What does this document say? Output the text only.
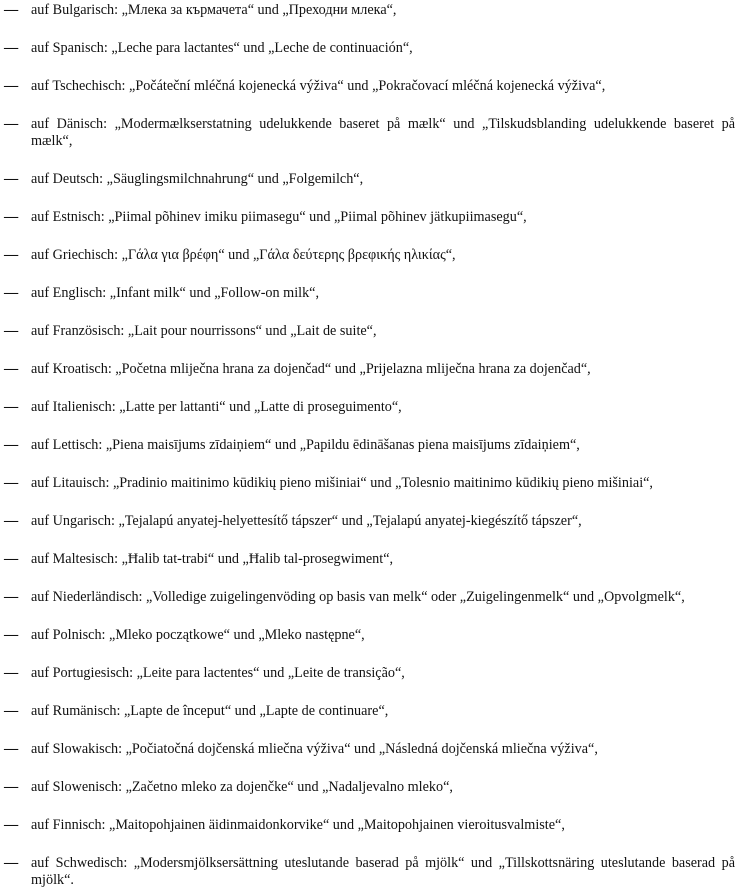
— auf Bulgarisch: „Млека за кърмачета“ und „Преходни млека“,
— auf Spanisch: „Leche para lactantes“ und „Leche de continuación“,
— auf Tschechisch: „Počáteční mléčná kojenecká výživa“ und „Pokračovací mléčná kojenecká výživa“,
— auf Dänisch: „Modermælkserstatning udelukkende baseret på mælk“ und „Tilskudsblanding udelukkende baseret på mælk“,
— auf Deutsch: „Säuglingsmilchnahrung“ und „Folgemilch“,
— auf Estnisch: „Piimal põhinev imiku piimasegu“ und „Piimal põhinev jätkupiimasegu“,
— auf Griechisch: „Γάλα για βρέφη“ und „Γάλα δεύτερης βρεφικής ηλικίας“,
— auf Englisch: „Infant milk“ und „Follow-on milk“,
— auf Französisch: „Lait pour nourrissons“ und „Lait de suite“,
— auf Kroatisch: „Početna mliječna hrana za dojenčad“ und „Prijelazna mliječna hrana za dojenčad“,
— auf Italienisch: „Latte per lattanti“ und „Latte di proseguimento“,
— auf Lettisch: „Piena maisījums zīdaiņiem“ und „Papildu ēdināšanas piena maisījums zīdaiņiem“,
— auf Litauisch: „Pradinio maitinimo kūdikių pieno mišiniai“ und „Tolesnio maitinimo kūdikių pieno mišiniai“,
— auf Ungarisch: „Tejalapú anyatej-helyettesítő tápszer“ und „Tejalapú anyatej-kiegészítő tápszer“,
— auf Maltesisch: „Ħalib tat-trabi“ und „Ħalib tal-prosegwiment“,
— auf Niederländisch: „Volledige zuigelingenvöding op basis van melk“ oder „Zuigelingenmelk“ und „Opvolgmelk“,
— auf Polnisch: „Mleko początkowe“ und „Mleko następne“,
— auf Portugiesisch: „Leite para lactentes“ und „Leite de transição“,
— auf Rumänisch: „Lapte de început“ und „Lapte de continuare“,
— auf Slowakisch: „Počiatočná dojčenská mliečna výživa“ und „Následná dojčenská mliečna výživa“,
— auf Slowenisch: „Začetno mleko za dojenčke“ und „Nadaljevalno mleko“,
— auf Finnisch: „Maitopohjainen äidinmaidonkorvike“ und „Maitopohjainen vieroitusvalmiste“,
— auf Schwedisch: „Modersmjölksersättning uteslutande baserad på mjölk“ und „Tillskottsnäring uteslutande baserad på mjölk“.
